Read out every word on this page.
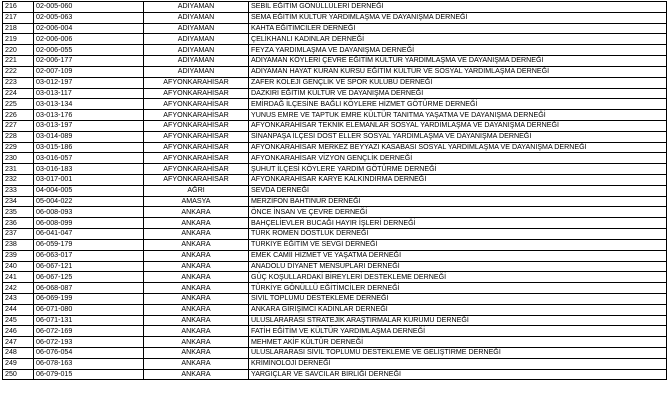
216	02-005-060	ADIYAMAN	SEBİL EĞİTİM GÖNÜLLÜLERİ DERNEĞİ
217	02-005-063	ADIYAMAN	SEMA EĞİTİM KÜLTÜR YARDIMLAŞMA VE DAYANIŞMA DERNEĞİ
218	02-006-004	ADIYAMAN	KAHTA EĞİTİMCİLER DERNEĞİ
219	02-006-006	ADIYAMAN	ÇELİKHANLI KADINLAR DERNEĞİ
220	02-006-055	ADIYAMAN	FEYZA YARDIMLAŞMA VE DAYANIŞMA DERNEĞİ
221	02-006-177	ADIYAMAN	ADIYAMAN KÖYLERİ ÇEVRE EĞİTİM KÜLTÜR YARDIMLAŞMA VE DAYANIŞMA DERNEĞİ
222	02-007-109	ADIYAMAN	ADIYAMAN HAYAT KURAN KURSU EĞİTİM KÜLTÜR VE SOSYAL YARDIMLAŞMA DERNEĞİ
223	03-012-197	AFYONKARAHİSAR	ZAFER KOLEJİ GENÇLİK VE SPOR KULÜBÜ DERNEĞİ
224	03-013-117	AFYONKARAHİSAR	DAZKIRI EĞİTİM KÜLTÜR VE DAYANIŞMA DERNEĞİ
225	03-013-134	AFYONKARAHİSAR	EMİRDAĞ İLÇESİNE BAĞLI KÖYLERE HİZMET GÖTÜRME DERNEĞİ
226	03-013-176	AFYONKARAHİSAR	YUNUS EMRE VE TAPTUK EMRE KÜLTÜR TANITMA YAŞATMA VE DAYANIŞMA DERNEĞİ
227	03-013-197	AFYONKARAHİSAR	AFYONKARAHİSAR TEKNİK ELEMANLAR SOSYAL YARDIMLAŞMA VE DAYANIŞMA DERNEĞİ
228	03-014-089	AFYONKARAHİSAR	SİNANPAŞA İLÇESİ DOST ELLER SOSYAL YARDIMLAŞMA VE DAYANIŞMA DERNEĞİ
229	03-015-186	AFYONKARAHİSAR	AFYONKARAHİSAR MERKEZ BEYYAZI KASABASI SOSYAL YARDIMLAŞMA VE DAYANIŞMA DERNEĞİ
230	03-016-057	AFYONKARAHİSAR	AFYONKARAHİSAR VİZYON GENÇLİK DERNEĞİ
231	03-016-183	AFYONKARAHİSAR	ŞUHUT İLÇESİ KÖYLERE YARDIM GÖTÜRME DERNEĞİ
232	03-017-001	AFYONKARAHİSAR	AFYONKARAHİSAR KARYE KALKINDIRMA DERNEĞİ
233	04-004-005	AĞRI	SEVDA DERNEĞİ
234	05-004-022	AMASYA	MERZİFON BAHTINUR DERNEĞİ
235	06-008-093	ANKARA	ÖNCE İNSAN VE ÇEVRE DERNEĞİ
236	06-008-099	ANKARA	BAHÇELİEVLER BUCAĞI HAYIR İŞLERİ DERNEĞİ
237	06-041-047	ANKARA	TÜRK ROMEN DOSTLUK DERNEĞİ
238	06-059-179	ANKARA	TÜRKİYE EĞİTİM VE SEVGİ DERNEĞİ
239	06-063-017	ANKARA	EMEK CAMİİ HİZMET VE YAŞATMA DERNEĞİ
240	06-067-121	ANKARA	ANADOLU DİYANET MENSUPLARI DERNEĞİ
241	06-067-125	ANKARA	GÜÇ KOŞULLARDAKİ BİREYLERİ DESTEKLEME DERNEĞİ
242	06-068-087	ANKARA	TÜRKİYE GÖNÜLLÜ EĞİTİMCİLER DERNEĞİ
243	06-069-199	ANKARA	SİVİL TOPLUMU DESTEKLEME DERNEĞİ
244	06-071-080	ANKARA	ANKARA GİRİŞİMCİ KADINLAR DERNEĞİ
245	06-071-131	ANKARA	ULUSLARARASI STRATEJİK ARAŞTIRMALAR KURUMU DERNEĞİ
246	06-072-169	ANKARA	FATİH EĞİTİM VE KÜLTÜR YARDIMLAŞMA DERNEĞİ
247	06-072-193	ANKARA	MEHMET AKİF KÜLTÜR DERNEĞİ
248	06-076-054	ANKARA	ULUSLARARASI SİVİL TOPLUMU DESTEKLEME VE GELİŞTİRME DERNEĞİ
249	06-078-163	ANKARA	KRİMİNOLOJİ DERNEĞİ
250	06-079-015	ANKARA	YARGIÇLAR VE SAVCILAR BİRLİĞİ DERNEĞİ
